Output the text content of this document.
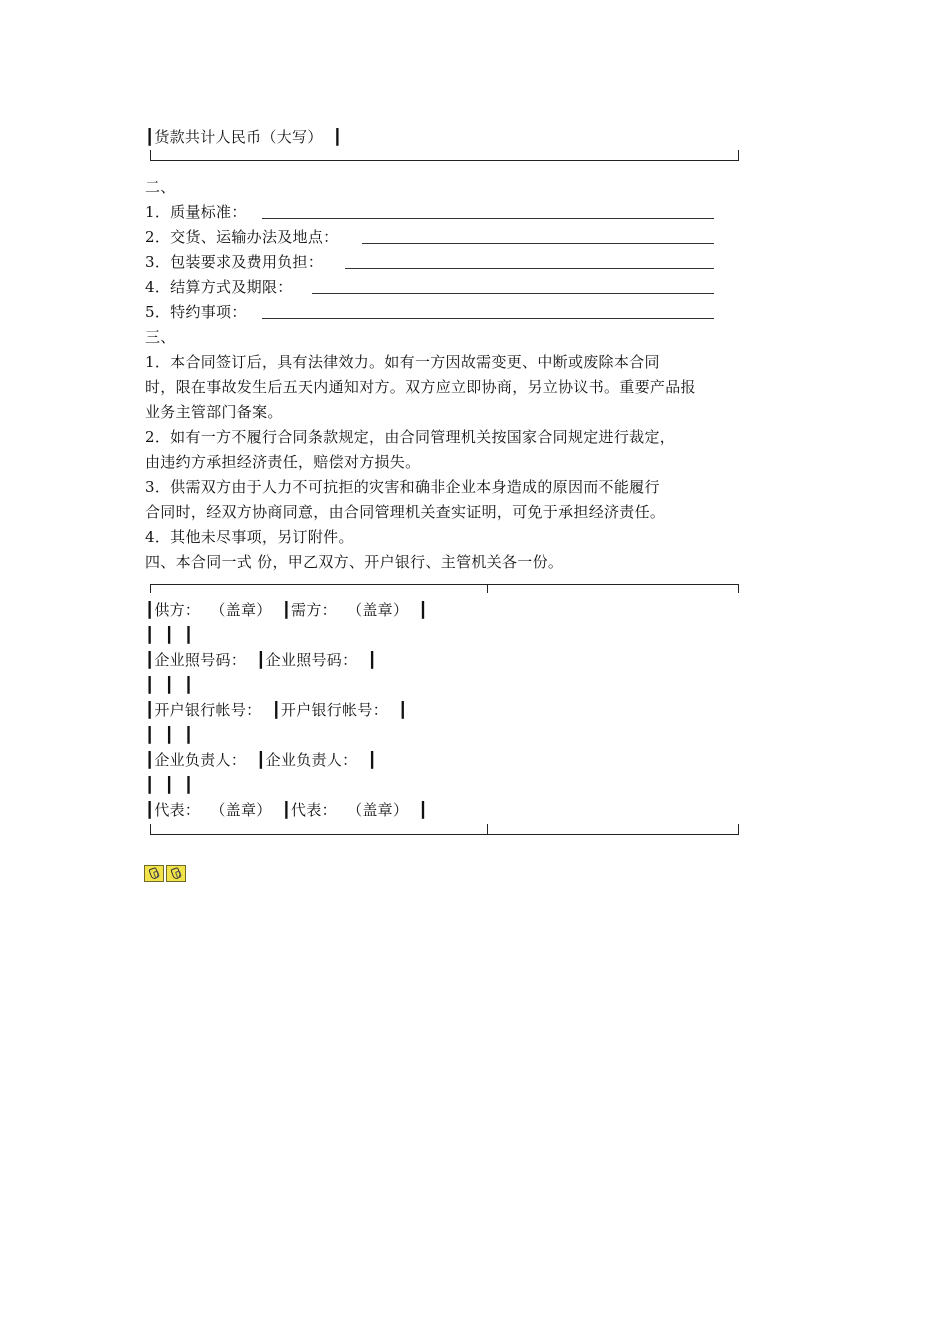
┃货款共计人民币（大写）  ┃
二、
1．质量标准：
2．交货、运输办法及地点：
3．包装要求及费用负担：
4．结算方式及期限：
5．特约事项：
三、
1．本合同签订后，具有法律效力。如有一方因故需变更、中断或废除本合同
时，限在事故发生后五天内通知对方。双方应立即协商，另立协议书。重要产品报
业务主管部门备案。
2．如有一方不履行合同条款规定，由合同管理机关按国家合同规定进行裁定，
由违约方承担经济责任，赔偿对方损失。
3．供需双方由于人力不可抗拒的灾害和确非企业本身造成的原因而不能履行
合同时，经双方协商同意，由合同管理机关查实证明，可免于承担经济责任。
4．其他未尽事项，另订附件。
四、本合同一式 份，甲乙双方、开户银行、主管机关各一份。
┃供方：  （盖章）  ┃需方：  （盖章）  ┃
┃  ┃  ┃
┃企业照号码：  ┃企业照号码：  ┃
┃  ┃  ┃
┃开户银行帐号：  ┃开户银行帐号：  ┃
┃  ┃  ┃
┃企业负责人：  ┃企业负责人：  ┃
┃  ┃  ┃
┃代表：  （盖章）  ┃代表：  （盖章）  ┃
